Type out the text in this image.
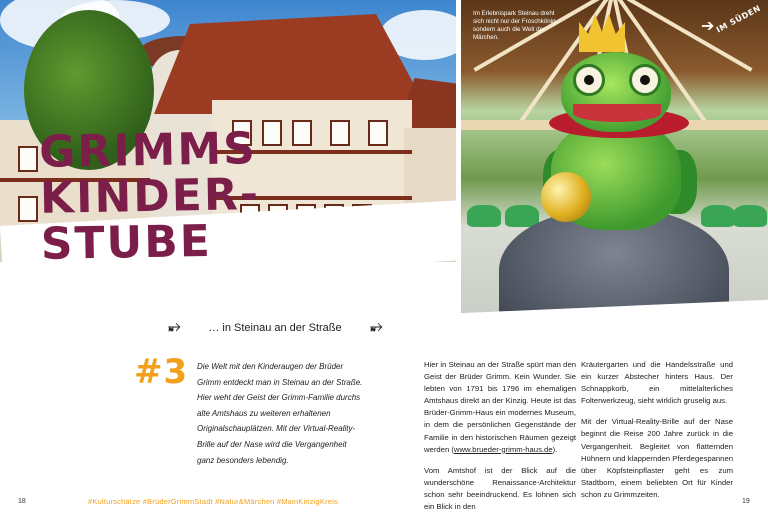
GRIMMS
KINDER-
STUBE

Im Erlebnispark Steinau dreht sich nicht nur der Froschkönig, sondern auch die Welt der Märchen.

➔ IM SÜDEN
⥵	… in Steinau an der Straße	⥵

#3 Die Welt mit den Kinderaugen der Brüder Grimm entdeckt man in Steinau an der Straße. Hier weht der Geist der Grimm-Familie durchs alte Amtshaus zu weiteren erhaltenen Originalschauplätzen. Mit der Virtual-Reality-Brille auf der Nase wird die Vergangenheit ganz besonders lebendig.

Hier in Steinau an der Straße spürt man den Geist der Brüder Grimm. Kein Wunder. Sie lebten von 1791 bis 1796 im ehemaligen Amtshaus direkt an der Kinzig. Heute ist das Brüder-Grimm-Haus ein modernes Museum, in dem die persönlichen Gegenstände der Familie in den historischen Räumen gezeigt werden (www.brueder-grimm-haus.de).

Vom Amtshof ist der Blick auf die wunderschöne Renaissance-Architektur schon sehr beeindruckend. Es lohnen sich ein Blick in den

Kräutergarten und die Handelsstraße und ein kurzer Abstecher hinters Haus. Der Schnappkorb, ein mittelalterliches Folterwerkzeug, sieht wirklich gruselig aus.

Mit der Virtual-Reality-Brille auf der Nase beginnt die Reise 200 Jahre zurück in die Vergangenheit. Begleitet von flatternden Hühnern und klappernden Pferdegespannen über Köpfsteinpflaster geht es zum Stadtborn, einem beliebten Ort für Kinder schon zu Grimmzeiten.

18	#Kulturschätze #BrüderGrimmStadt #Natur&Märchen #MainKinzigKreis	19
